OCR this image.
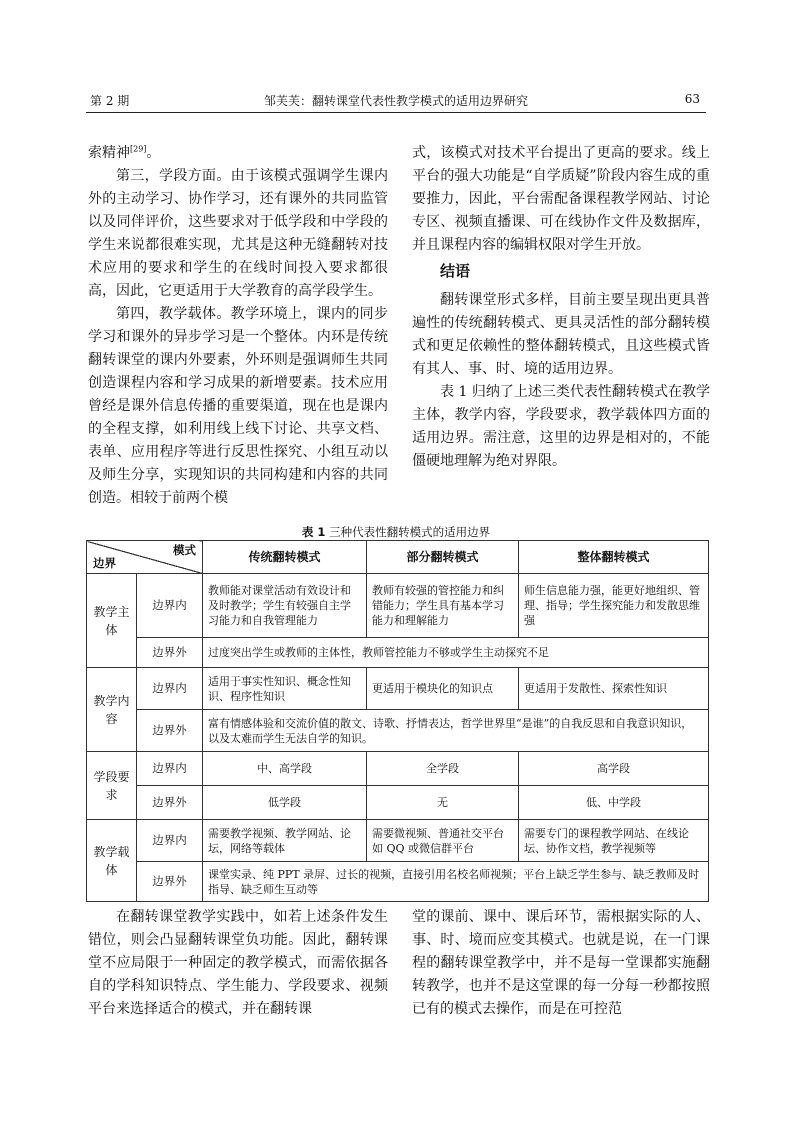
第 2 期	邹芙芙：翻转课堂代表性教学模式的适用边界研究	63

索精神[29]。

第三，学段方面。由于该模式强调学生课内外的主动学习、协作学习，还有课外的共同监管以及同伴评价，这些要求对于低学段和中学段的学生来说都很难实现，尤其是这种无缝翻转对技术应用的要求和学生的在线时间投入要求都很高，因此，它更适用于大学教育的高学段学生。

第四，教学载体。教学环境上，课内的同步学习和课外的异步学习是一个整体。内环是传统翻转课堂的课内外要素，外环则是强调师生共同创造课程内容和学习成果的新增要素。技术应用曾经是课外信息传播的重要渠道，现在也是课内的全程支撑，如利用线上线下讨论、共享文档、表单、应用程序等进行反思性探究、小组互动以及师生分享，实现知识的共同构建和内容的共同创造。相较于前两个模

式，该模式对技术平台提出了更高的要求。线上平台的强大功能是“自学质疑”阶段内容生成的重要推力，因此，平台需配备课程教学网站、讨论专区、视频直播课、可在线协作文件及数据库，并且课程内容的编辑权限对学生开放。

结语

翻转课堂形式多样，目前主要呈现出更具普遍性的传统翻转模式、更具灵活性的部分翻转模式和更足依赖性的整体翻转模式，且这些模式皆有其人、事、时、境的适用边界。

表 1 归纳了上述三类代表性翻转模式在教学主体，教学内容，学段要求，教学载体四方面的适用边界。需注意，这里的边界是相对的，不能僵硬地理解为绝对界限。

表 1 三种代表性翻转模式的适用边界
模式
边界		传统翻转模式	部分翻转模式	整体翻转模式
教学主体	边界内	教师能对课堂活动有效设计和及时教学；学生有较强自主学习能力和自我管理能力	教师有较强的管控能力和纠错能力；学生具有基本学习能力和理解能力	师生信息能力强，能更好地组织、管理、指导；学生探究能力和发散思维强
	边界外	过度突出学生或教师的主体性，教师管控能力不够或学生主动探究不足		
教学内容	边界内	适用于事实性知识、概念性知识、程序性知识	更适用于模块化的知识点	更适用于发散性、探索性知识
	边界外	富有情感体验和交流价值的散文、诗歌、抒情表达，哲学世界里“是谁”的自我反思和自我意识知识，以及太难而学生无法自学的知识。		
学段要求	边界内	中、高学段	全学段	高学段
	边界外	低学段	无	低、中学段
教学载体	边界内	需要教学视频、教学网站、论坛，网络等载体	需要微视频、普通社交平台如 QQ 或微信群平台	需要专门的课程教学网站、在线论坛、协作文档，教学视频等
	边界外	课堂实录、纯 PPT 录屏、过长的视频，直接引用名校名师视频；平台上缺乏学生参与、缺乏教师及时指导、缺乏师生互动等		

在翻转课堂教学实践中，如若上述条件发生错位，则会凸显翻转课堂负功能。因此，翻转课堂不应局限于一种固定的教学模式，而需依据各自的学科知识特点、学生能力、学段要求、视频平台来选择适合的模式，并在翻转课

堂的课前、课中、课后环节，需根据实际的人、事、时、境而应变其模式。也就是说，在一门课程的翻转课堂教学中，并不是每一堂课都实施翻转教学，也并不是这堂课的每一分每一秒都按照已有的模式去操作，而是在可控范
